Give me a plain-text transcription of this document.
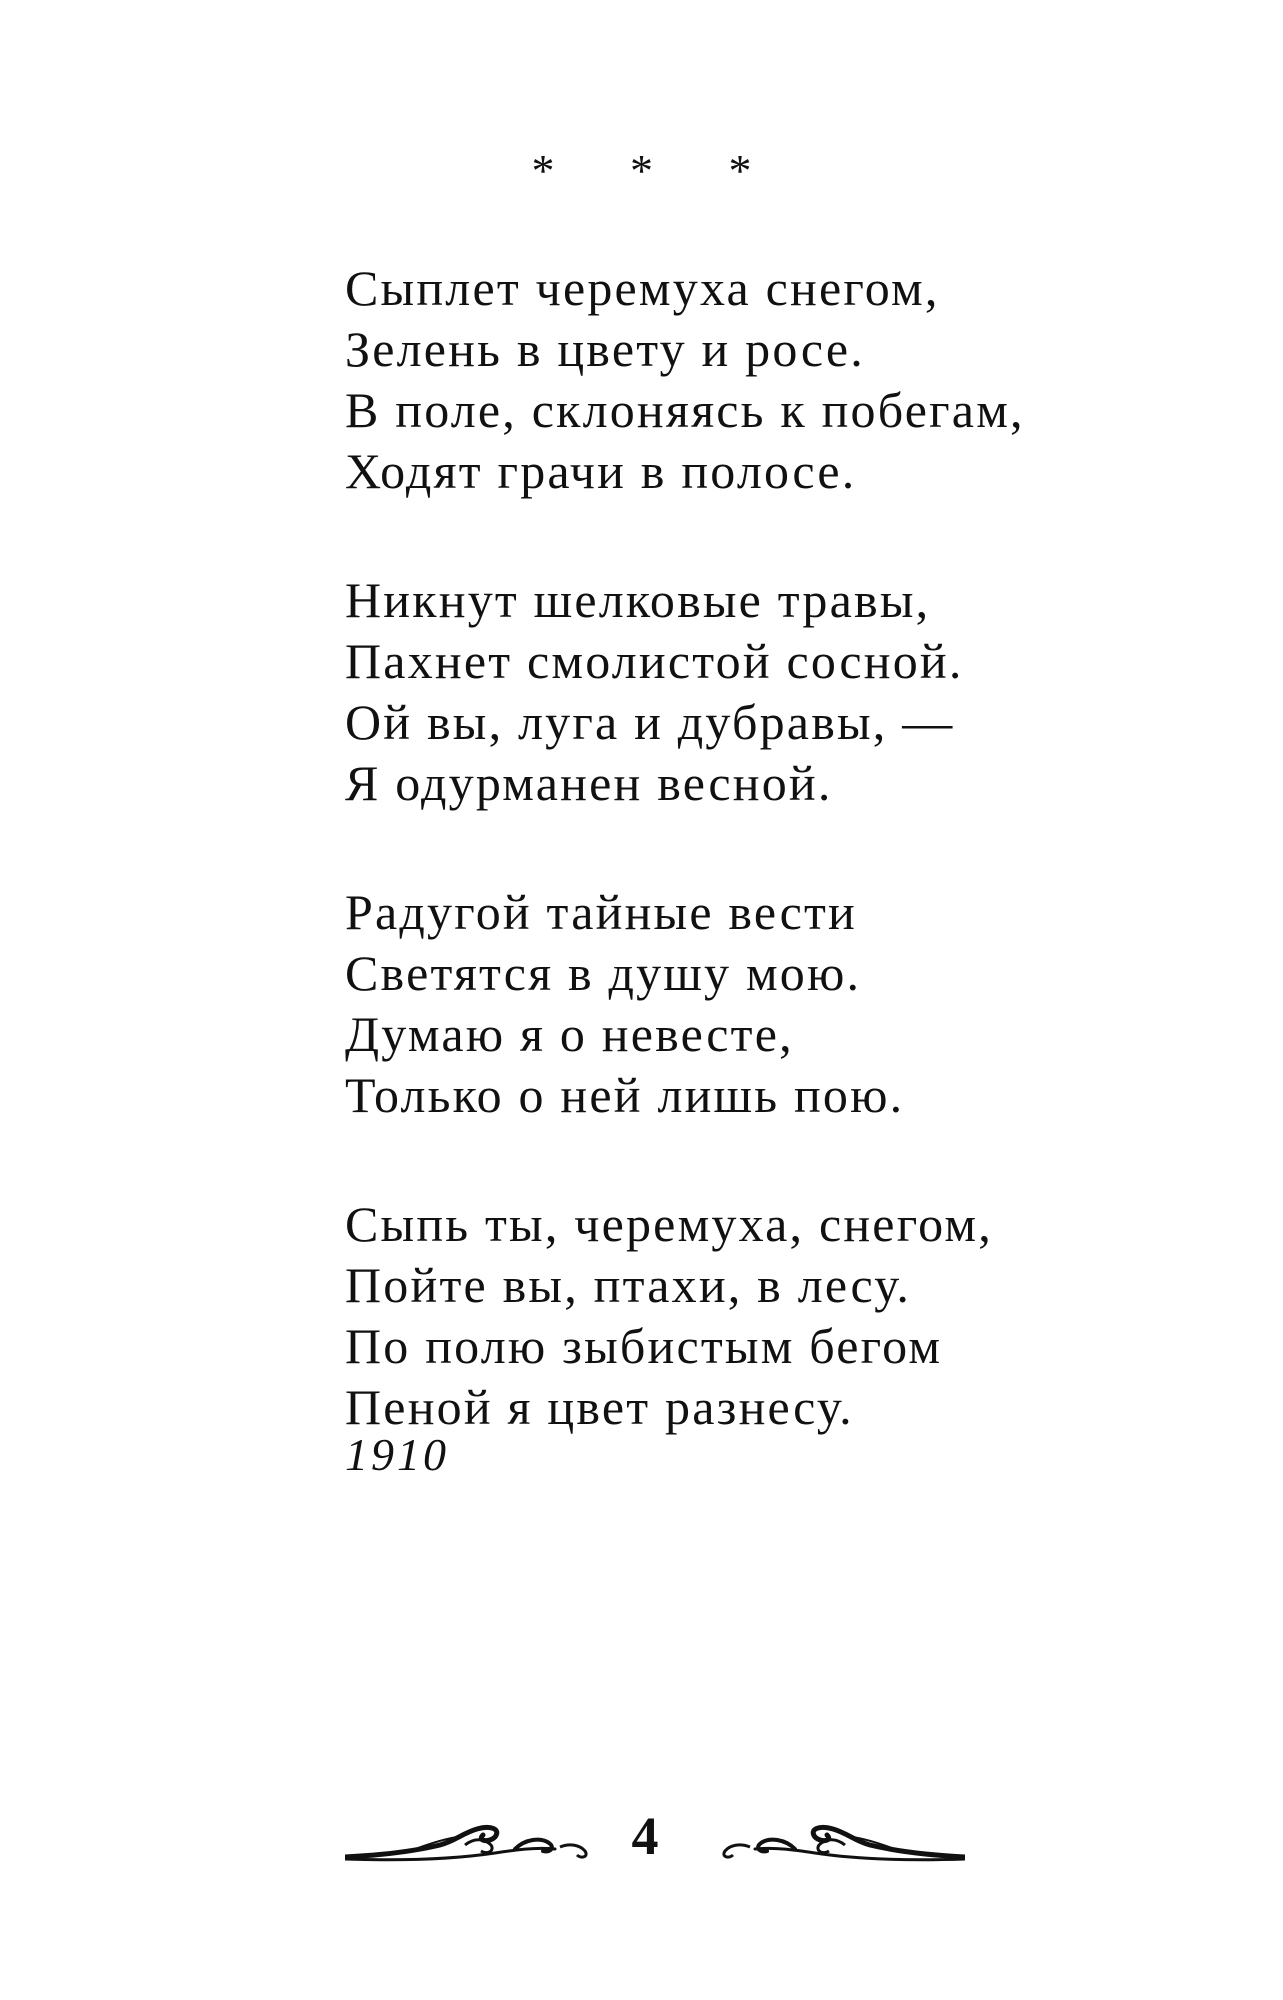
* * *
Сыплет черемуха снегом,
Зелень в цвету и росе.
В поле, склоняясь к побегам,
Ходят грачи в полосе.
Никнут шелковые травы,
Пахнет смолистой сосной.
Ой вы, луга и дубравы, —
Я одурманен весной.
Радугой тайные вести
Светятся в душу мою.
Думаю я о невесте,
Только о ней лишь пою.
Сыпь ты, черемуха, снегом,
Пойте вы, птахи, в лесу.
По полю зыбистым бегом
Пеной я цвет разнесу.
1910
4
